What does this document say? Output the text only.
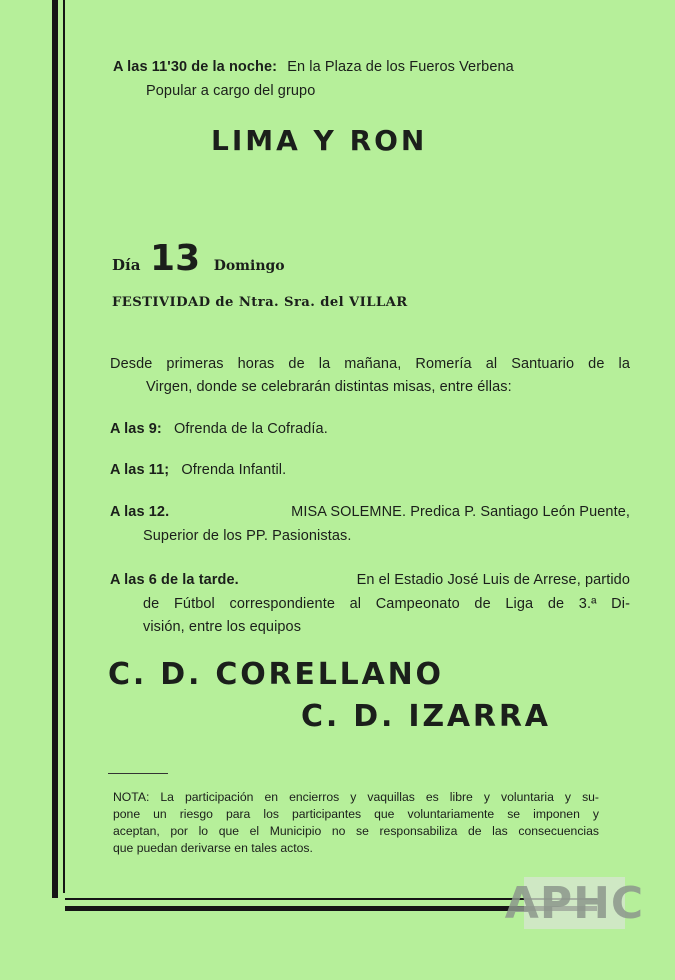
A las 11'30 de la noche: En la Plaza de los Fueros Verbena
Popular a cargo del grupo
LIMA Y RON
Día 13 Domingo
FESTIVIDAD de Ntra. Sra. del VILLAR
Desde primeras horas de la mañana, Romería al Santuario de la
Virgen, donde se celebrarán distintas misas, entre éllas:
A las 9: Ofrenda de la Cofradía.
A las 11; Ofrenda Infantil.
A las 12.	MISA SOLEMNE. Predica P. Santiago León Puente,
Superior de los PP. Pasionistas.
A las 6 de la tarde.	En el Estadio José Luis de Arrese, partido
de Fútbol correspondiente al Campeonato de Liga de 3.ª Di-
visión, entre los equipos
C. D. CORELLANO
C. D. IZARRA
NOTA: La participación en encierros y vaquillas es libre y voluntaria y su-
pone un riesgo para los participantes que voluntariamente se imponen y
aceptan, por lo que el Municipio no se responsabiliza de las consecuencias
que puedan derivarse en tales actos.
APHC
